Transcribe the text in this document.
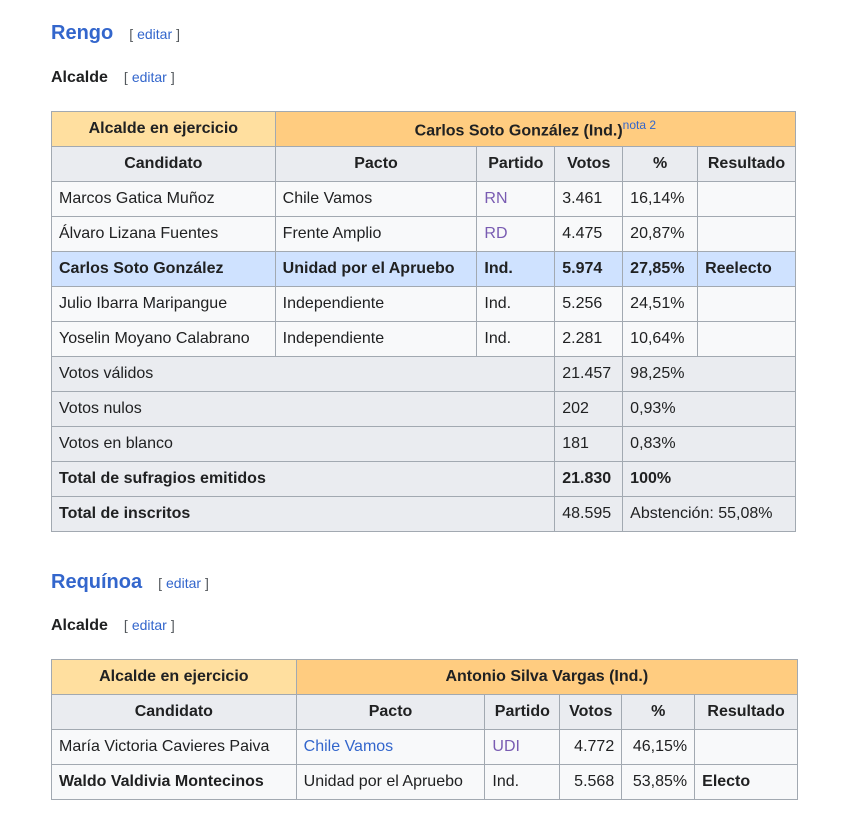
Rengo [ editar ]
Alcalde [ editar ]
Alcalde en ejercicio	Carlos Soto González $(Ind.)^{nota 2}$
Candidato	Pacto	Partido	Votos	%	Resultado
Marcos Gatica Muñoz	Chile Vamos	RN	3.461	16,14%	
Álvaro Lizana Fuentes	Frente Amplio	RD	4.475	20,87%	
Carlos Soto González	Unidad por el Apruebo	Ind.	5.974	27,85%	Reelecto
Julio Ibarra Maripangue	Independiente	Ind.	5.256	24,51%	
Yoselin Moyano Calabrano	Independiente	Ind.	2.281	10,64%	
Votos válidos			21.457	98,25%	
Votos nulos			202	0,93%	
Votos en blanco			181	0,83%	
Total de sufragios emitidos			21.830	100%	
Total de inscritos			48.595	Abstención: 55,08%	
Requínoa [ editar ]
Alcalde [ editar ]
Alcalde en ejercicio	Antonio Silva Vargas (Ind.)				
Candidato	Pacto	Partido	Votos	%	Resultado
María Victoria Cavieres Paiva	Chile Vamos	UDI	4.772	46,15%	
Waldo Valdivia Montecinos	Unidad por el Apruebo	Ind.	5.568	53,85%	Electo
